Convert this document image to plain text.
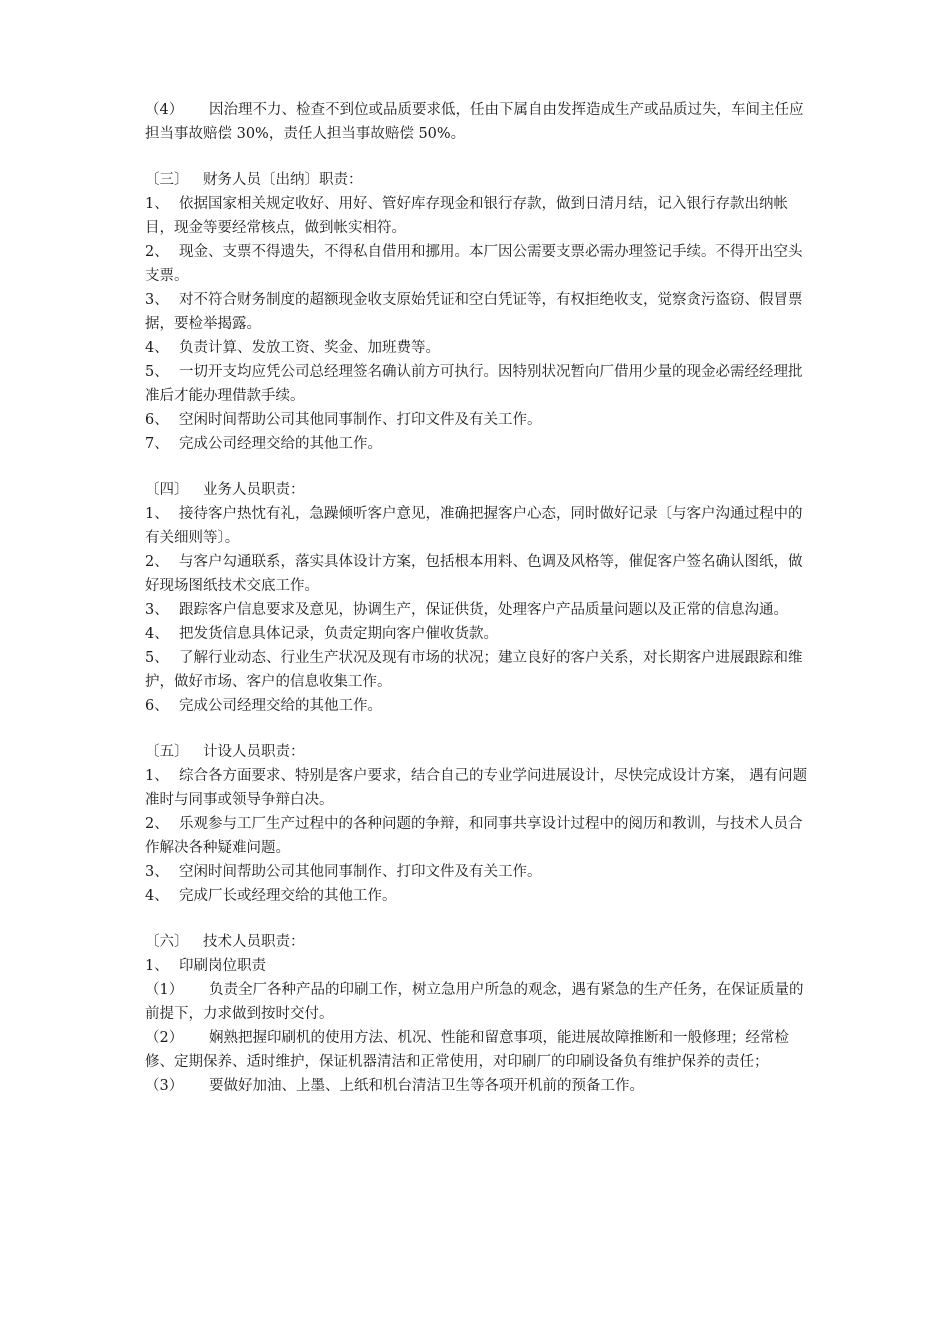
（4） 因治理不力、检查不到位或品质要求低，任由下属自由发挥造成生产或品质过失，车间主任应担当事故赔偿 30%，责任人担当事故赔偿 50%。
〔三〕 财务人员〔出纳〕职责：
1、 依据国家相关规定收好、用好、管好库存现金和银行存款，做到日清月结，记入银行存款出纳帐目，现金等要经常核点，做到帐实相符。
2、 现金、支票不得遗失，不得私自借用和挪用。本厂因公需要支票必需办理签记手续。不得开出空头支票。
3、 对不符合财务制度的超额现金收支原始凭证和空白凭证等，有权拒绝收支，觉察贪污盗窃、假冒票据，要检举揭露。
4、 负责计算、发放工资、奖金、加班费等。
5、 一切开支均应凭公司总经理签名确认前方可执行。因特别状况暂向厂借用少量的现金必需经经理批准后才能办理借款手续。
6、 空闲时间帮助公司其他同事制作、打印文件及有关工作。
7、 完成公司经理交给的其他工作。
〔四〕 业务人员职责：
1、 接待客户热忱有礼，急躁倾听客户意见，准确把握客户心态，同时做好记录〔与客户沟通过程中的有关细则等〕。
2、 与客户勾通联系，落实具体设计方案，包括根本用料、色调及风格等，催促客户签名确认图纸，做好现场图纸技术交底工作。
3、 跟踪客户信息要求及意见，协调生产，保证供货，处理客户产品质量问题以及正常的信息沟通。
4、 把发货信息具体记录，负责定期向客户催收货款。
5、 了解行业动态、行业生产状况及现有市场的状况；建立良好的客户关系，对长期客户进展跟踪和维护，做好市场、客户的信息收集工作。
6、 完成公司经理交给的其他工作。
〔五〕 计设人员职责：
1、 综合各方面要求、特别是客户要求，结合自己的专业学问进展设计，尽快完成设计方案， 遇有问题准时与同事或领导争辩白决。
2、 乐观参与工厂生产过程中的各种问题的争辩，和同事共享设计过程中的阅历和教训，与技术人员合作解决各种疑难问题。
3、 空闲时间帮助公司其他同事制作、打印文件及有关工作。
4、 完成厂长或经理交给的其他工作。
〔六〕 技术人员职责：
1、 印刷岗位职责
（1） 负责全厂各种产品的印刷工作，树立急用户所急的观念，遇有紧急的生产任务，在保证质量的前提下，力求做到按时交付。
（2） 娴熟把握印刷机的使用方法、机况、性能和留意事项，能进展故障推断和一般修理；经常检修、定期保养、适时维护，保证机器清洁和正常使用，对印刷厂的印刷设备负有维护保养的责任；
（3） 要做好加油、上墨、上纸和机台清洁卫生等各项开机前的预备工作。
